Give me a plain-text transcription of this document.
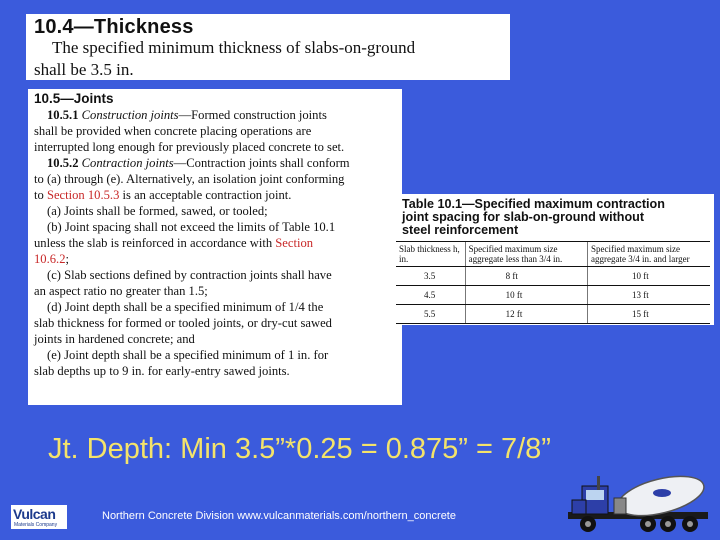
10.4—Thickness
The specified minimum thickness of slabs-on-ground
shall be 3.5 in.
10.5—Joints
10.5.1 Construction joints—Formed construction joints
shall be provided when concrete placing operations are
interrupted long enough for previously placed concrete to set.
10.5.2 Contraction joints—Contraction joints shall conform
to (a) through (e). Alternatively, an isolation joint conforming
to Section 10.5.3 is an acceptable contraction joint.
(a) Joints shall be formed, sawed, or tooled;
(b) Joint spacing shall not exceed the limits of Table 10.1
unless the slab is reinforced in accordance with Section
10.6.2;
(c) Slab sections defined by contraction joints shall have
an aspect ratio no greater than 1.5;
(d) Joint depth shall be a specified minimum of 1/4 the
slab thickness for formed or tooled joints, or dry-cut sawed
joints in hardened concrete; and
(e) Joint depth shall be a specified minimum of 1 in. for
slab depths up to 9 in. for early-entry sawed joints.
Table 10.1—Specified maximum contraction
joint spacing for slab-on-ground without
steel reinforcement
Slab thickness h, in.	Specified maximum size aggregate less than 3/4 in.	Specified maximum size aggregate 3/4 in. and larger
3.5	8 ft	10 ft
4.5	10 ft	13 ft
5.5	12 ft	15 ft
Jt. Depth: Min 3.5”*0.25 = 0.875” = 7/8”
Vulcan
Materials Company
Northern Concrete Division www.vulcanmaterials.com/northern_concrete
